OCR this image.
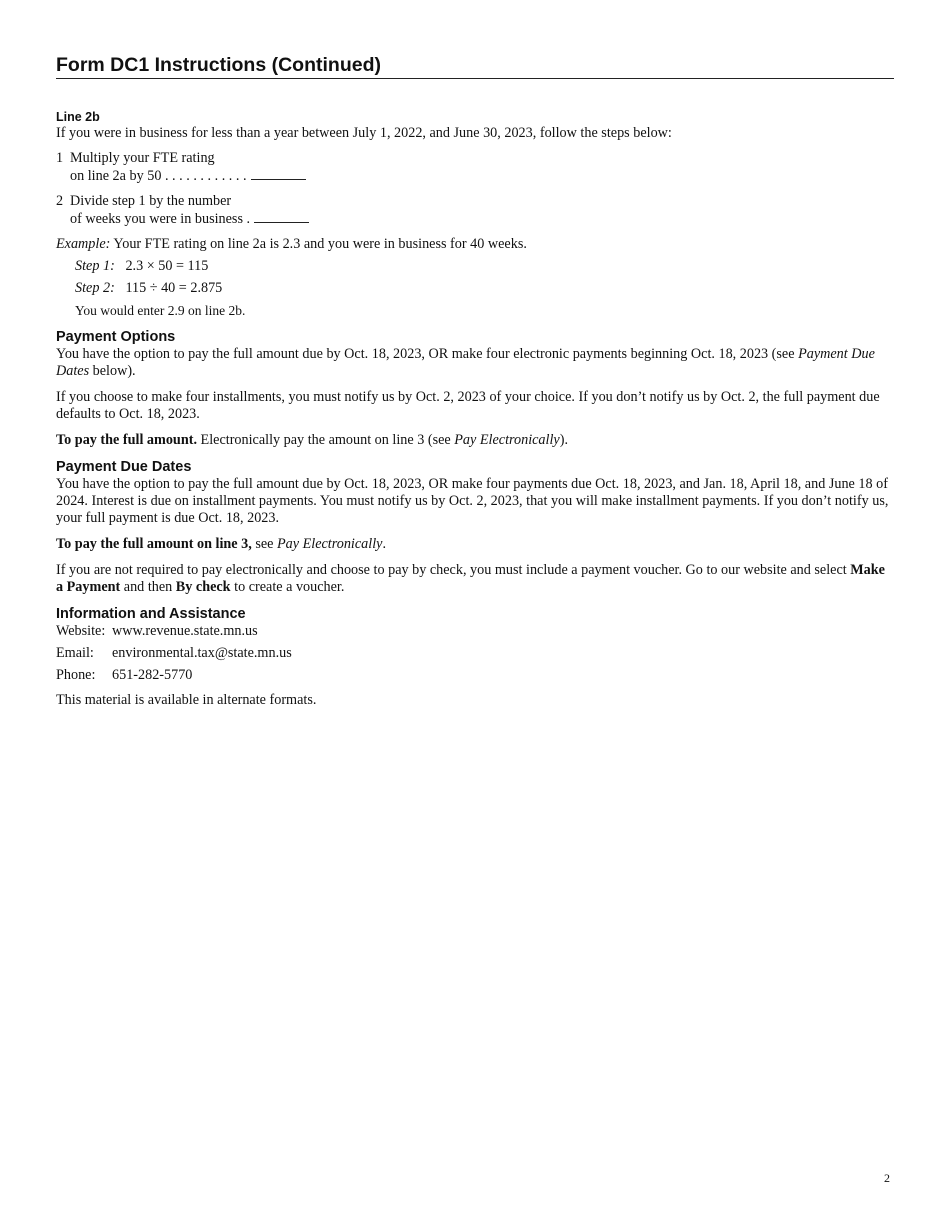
Form DC1 Instructions (Continued)
Line 2b

If you were in business for less than a year between July 1, 2022, and June 30, 2023, follow the steps below:

1 Multiply your FTE rating
on line 2a by 50 . . . . . . . . . . . .
2 Divide step 1 by the number
of weeks you were in business .

Example: Your FTE rating on line 2a is 2.3 and you were in business for 40 weeks.

Step 1: 2.3 × 50 = 115

Step 2: 115 ÷ 40 = 2.875

You would enter 2.9 on line 2b.

Payment Options

You have the option to pay the full amount due by Oct. 18, 2023, OR make four electronic payments beginning Oct. 18, 2023 (see Payment Due Dates below).

If you choose to make four installments, you must notify us by Oct. 2, 2023 of your choice. If you don’t notify us by Oct. 2, the full payment due defaults to Oct. 18, 2023.

To pay the full amount. Electronically pay the amount on line 3 (see Pay Electronically).

Payment Due Dates

You have the option to pay the full amount due by Oct. 18, 2023, OR make four payments due Oct. 18, 2023, and Jan. 18, April 18, and June 18 of 2024. Interest is due on installment payments. You must notify us by Oct. 2, 2023, that you will make installment payments. If you don’t notify us, your full payment is due Oct. 18, 2023.

To pay the full amount on line 3, see Pay Electronically.

If you are not required to pay electronically and choose to pay by check, you must include a payment voucher. Go to our website and select Make a Payment and then By check to create a voucher.

Information and Assistance
Website: www.revenue.state.mn.us
Email:	environmental.tax@state.mn.us
Phone:	651-282-5770

This material is available in alternate formats.

2
